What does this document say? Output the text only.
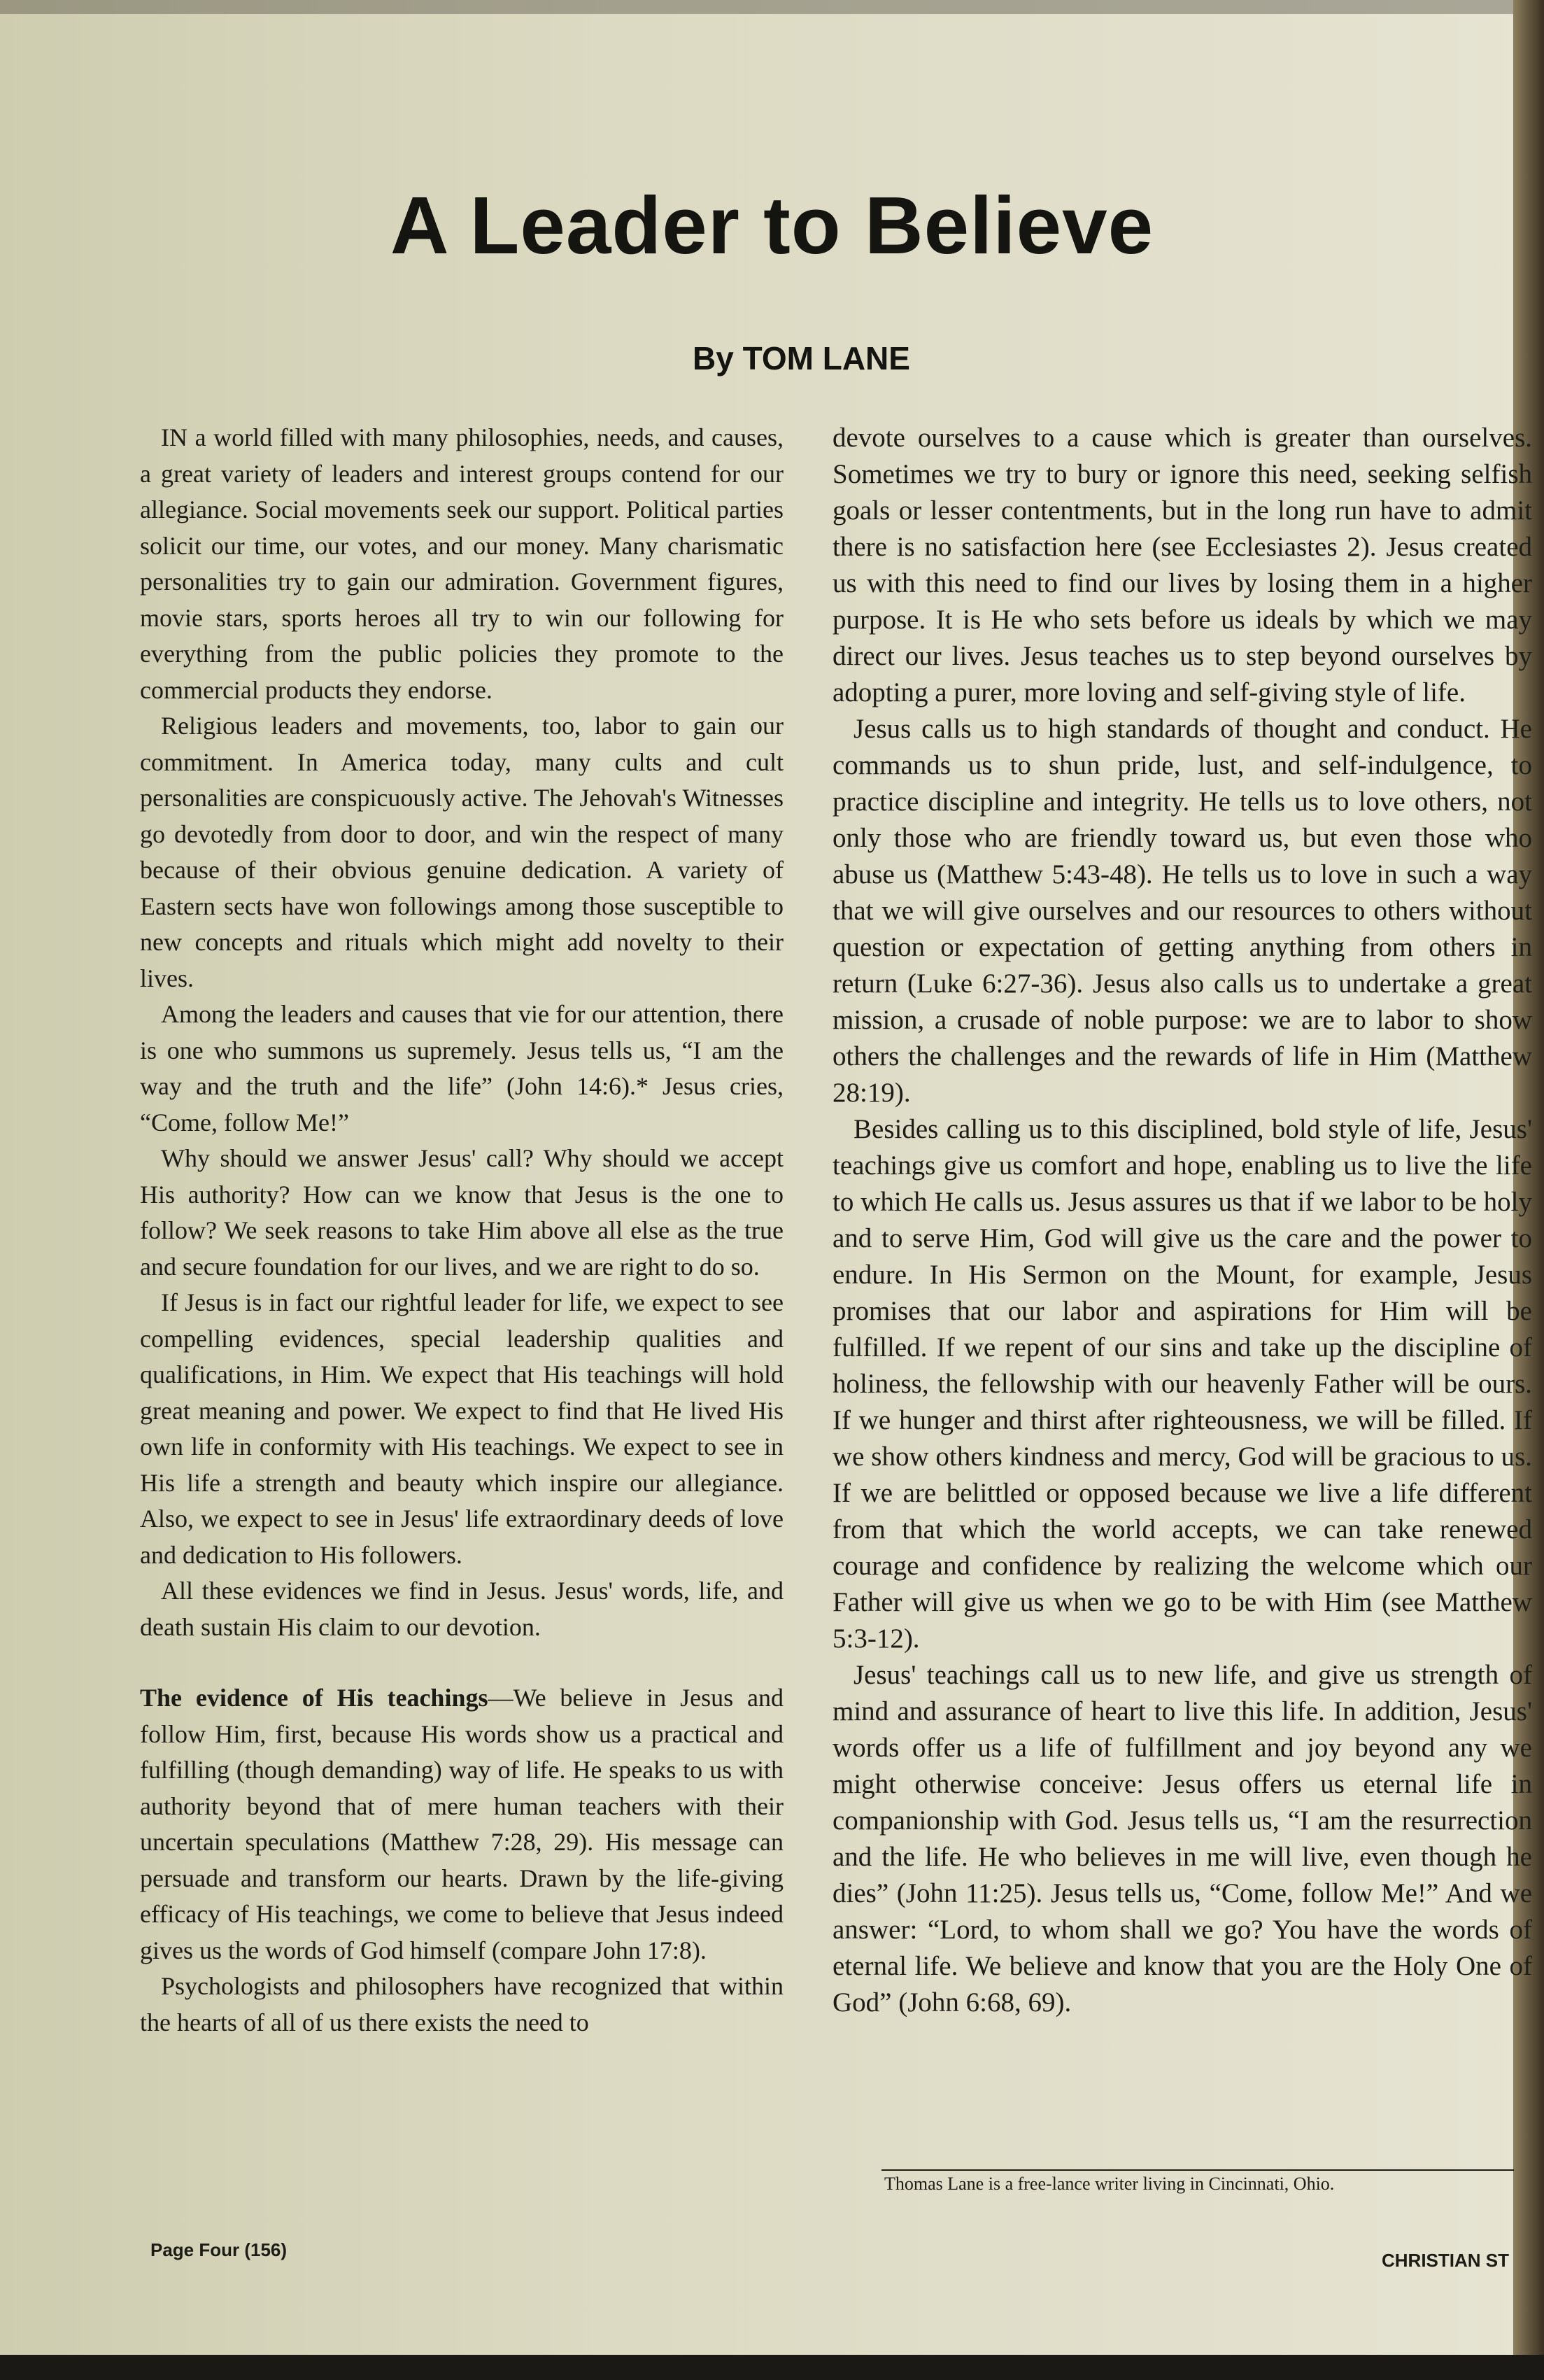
A Leader to Believe
By TOM LANE

IN a world filled with many philosophies, needs, and causes, a great variety of leaders and interest groups contend for our allegiance. Social movements seek our support. Political parties solicit our time, our votes, and our money. Many charismatic personalities try to gain our admiration. Government figures, movie stars, sports heroes all try to win our following for everything from the public policies they promote to the commercial products they endorse.

Religious leaders and movements, too, labor to gain our commitment. In America today, many cults and cult personalities are conspicuously active. The Jehovah's Witnesses go devotedly from door to door, and win the respect of many because of their obvious genuine dedication. A variety of Eastern sects have won followings among those susceptible to new concepts and rituals which might add novelty to their lives.

Among the leaders and causes that vie for our attention, there is one who summons us supremely. Jesus tells us, “I am the way and the truth and the life” (John 14:6).* Jesus cries, “Come, follow Me!”

Why should we answer Jesus' call? Why should we accept His authority? How can we know that Jesus is the one to follow? We seek reasons to take Him above all else as the true and secure foundation for our lives, and we are right to do so.

If Jesus is in fact our rightful leader for life, we expect to see compelling evidences, special leadership qualities and qualifications, in Him. We expect that His teachings will hold great meaning and power. We expect to find that He lived His own life in conformity with His teachings. We expect to see in His life a strength and beauty which inspire our allegiance. Also, we expect to see in Jesus' life extraordinary deeds of love and dedication to His followers.

All these evidences we find in Jesus. Jesus' words, life, and death sustain His claim to our devotion.

The evidence of His teachings—We believe in Jesus and follow Him, first, because His words show us a practical and fulfilling (though demanding) way of life. He speaks to us with authority beyond that of mere human teachers with their uncertain speculations (Matthew 7:28, 29). His message can persuade and transform our hearts. Drawn by the life-giving efficacy of His teachings, we come to believe that Jesus indeed gives us the words of God himself (compare John 17:8).

Psychologists and philosophers have recognized that within the hearts of all of us there exists the need to

devote ourselves to a cause which is greater than ourselves. Sometimes we try to bury or ignore this need, seeking selfish goals or lesser contentments, but in the long run have to admit there is no satisfaction here (see Ecclesiastes 2). Jesus created us with this need to find our lives by losing them in a higher purpose. It is He who sets before us ideals by which we may direct our lives. Jesus teaches us to step beyond ourselves by adopting a purer, more loving and self-giving style of life.

Jesus calls us to high standards of thought and conduct. He commands us to shun pride, lust, and self-indulgence, to practice discipline and integrity. He tells us to love others, not only those who are friendly toward us, but even those who abuse us (Matthew 5:43-48). He tells us to love in such a way that we will give ourselves and our resources to others without question or expectation of getting anything from others in return (Luke 6:27-36). Jesus also calls us to undertake a great mission, a crusade of noble purpose: we are to labor to show others the challenges and the rewards of life in Him (Matthew 28:19).

Besides calling us to this disciplined, bold style of life, Jesus' teachings give us comfort and hope, enabling us to live the life to which He calls us. Jesus assures us that if we labor to be holy and to serve Him, God will give us the care and the power to endure. In His Sermon on the Mount, for example, Jesus promises that our labor and aspirations for Him will be fulfilled. If we repent of our sins and take up the discipline of holiness, the fellowship with our heavenly Father will be ours. If we hunger and thirst after righteousness, we will be filled. If we show others kindness and mercy, God will be gracious to us. If we are belittled or opposed because we live a life different from that which the world accepts, we can take renewed courage and confidence by realizing the welcome which our Father will give us when we go to be with Him (see Matthew 5:3-12).

Jesus' teachings call us to new life, and give us strength of mind and assurance of heart to live this life. In addition, Jesus' words offer us a life of fulfillment and joy beyond any we might otherwise conceive: Jesus offers us eternal life in companionship with God. Jesus tells us, “I am the resurrection and the life. He who believes in me will live, even though he dies” (John 11:25). Jesus tells us, “Come, follow Me!” And we answer: “Lord, to whom shall we go? You have the words of eternal life. We believe and know that you are the Holy One of God” (John 6:68, 69).

Thomas Lane is a free-lance writer living in Cincinnati, Ohio.
Page Four (156)	CHRISTIAN ST
